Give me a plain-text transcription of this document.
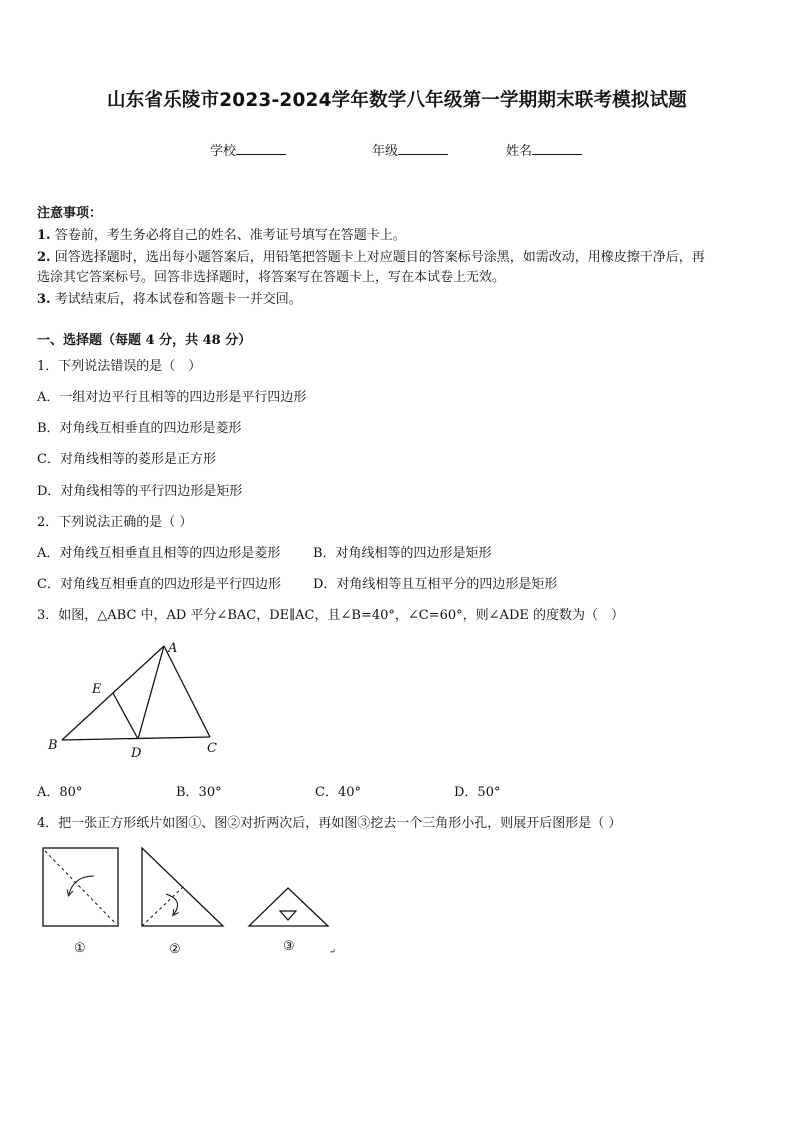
山东省乐陵市2023-2024学年数学八年级第一学期期末联考模拟试题
学校	年级	姓名
注意事项：
1. 答卷前，考生务必将自己的姓名、准考证号填写在答题卡上。
2. 回答选择题时，选出每小题答案后，用铅笔把答题卡上对应题目的答案标号涂黑，如需改动，用橡皮擦干净后，再
选涂其它答案标号。回答非选择题时，将答案写在答题卡上，写在本试卷上无效。
3. 考试结束后，将本试卷和答题卡一并交回。
一、选择题（每题 4 分，共 48 分）
1．下列说法错误的是（　）
A．一组对边平行且相等的四边形是平行四边形
B．对角线互相垂直的四边形是菱形
C．对角线相等的菱形是正方形
D．对角线相等的平行四边形是矩形
2．下列说法正确的是（ ）
A．对角线互相垂直且相等的四边形是菱形	B．对角线相等的四边形是矩形
C．对角线互相垂直的四边形是平行四边形 D．对角线相等且互相平分的四边形是矩形
3．如图，△ABC 中，AD 平分∠BAC，DE∥AC，且∠B=40°，∠C=60°，则∠ADE 的度数为（　）
A
B	C
D
E
A．80°	B．30°	C．40°	D．50°
4．把一张正方形纸片如图①、图②对折两次后，再如图③挖去一个三角形小孔，则展开后图形是（ ）
①	②	③	↵
